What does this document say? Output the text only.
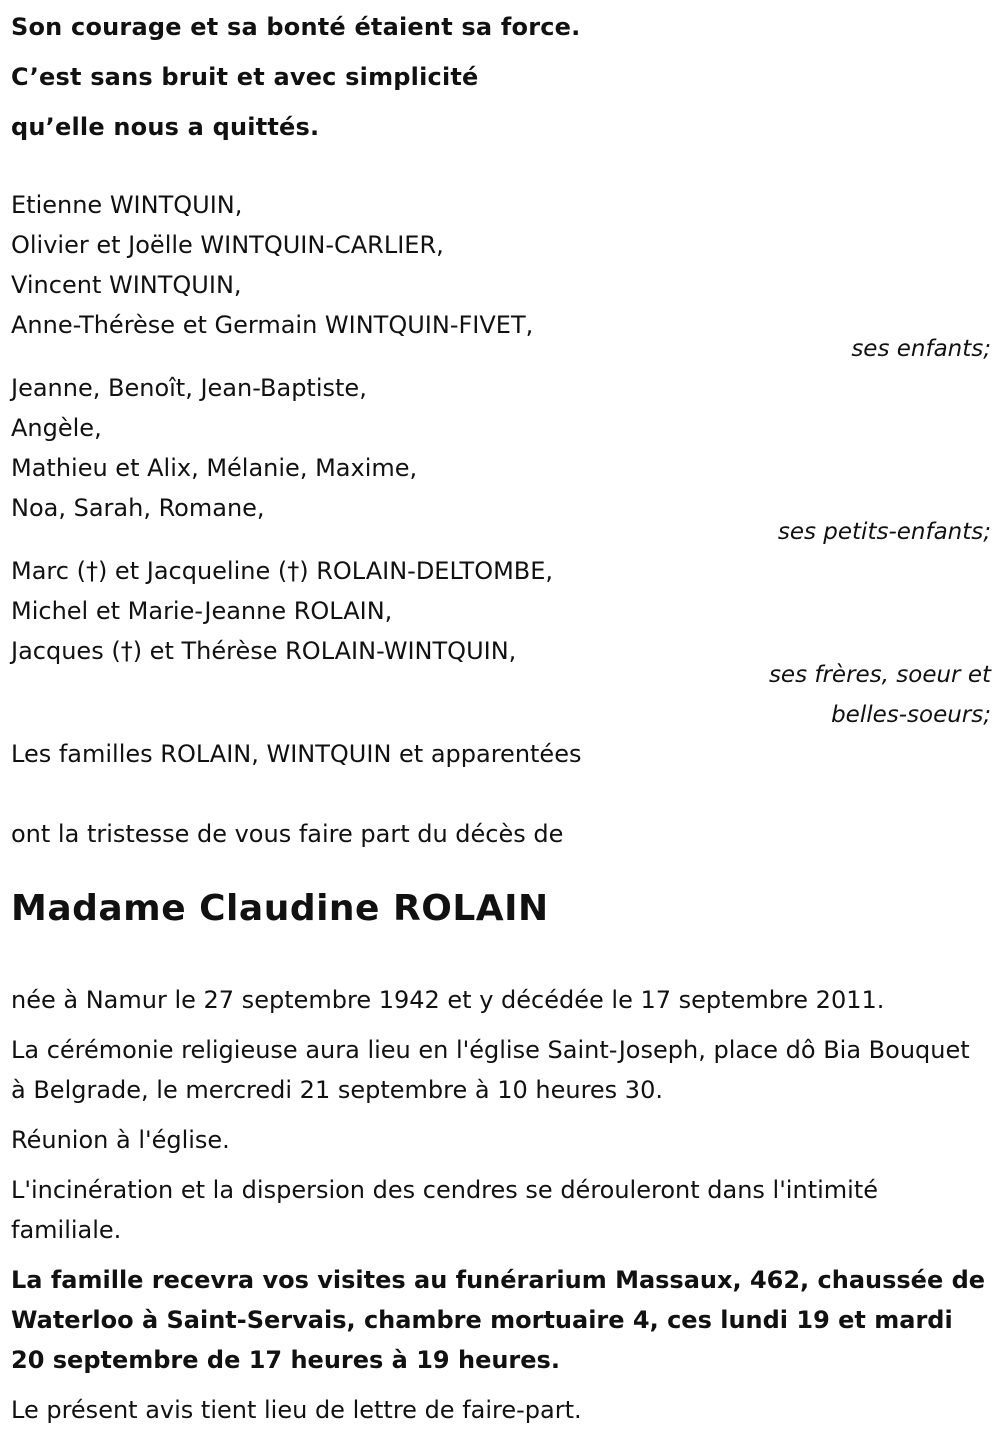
Son courage et sa bonté étaient sa force.
C’est sans bruit et avec simplicité
qu’elle nous a quittés.
Etienne WINTQUIN,
Olivier et Joëlle WINTQUIN-CARLIER,
Vincent WINTQUIN,
Anne-Thérèse et Germain WINTQUIN-FIVET,
ses enfants;
Jeanne, Benoît, Jean-Baptiste,
Angèle,
Mathieu et Alix, Mélanie, Maxime,
Noa, Sarah, Romane,
ses petits-enfants;
Marc (†) et Jacqueline (†) ROLAIN-DELTOMBE,
Michel et Marie-Jeanne ROLAIN,
Jacques (†) et Thérèse ROLAIN-WINTQUIN,
ses frères, soeur et
belles-soeurs;
Les familles ROLAIN, WINTQUIN et apparentées
ont la tristesse de vous faire part du décès de
Madame Claudine ROLAIN

née à Namur le 27 septembre 1942 et y décédée le 17 septembre 2011.

La cérémonie religieuse aura lieu en l'église Saint-Joseph, place dô Bia Bouquet à Belgrade, le mercredi 21 septembre à 10 heures 30.

Réunion à l'église.

L'incinération et la dispersion des cendres se dérouleront dans l'intimité familiale.

La famille recevra vos visites au funérarium Massaux, 462, chaussée de Waterloo à Saint-Servais, chambre mortuaire 4, ces lundi 19 et mardi 20 septembre de 17 heures à 19 heures.

Le présent avis tient lieu de lettre de faire-part.
